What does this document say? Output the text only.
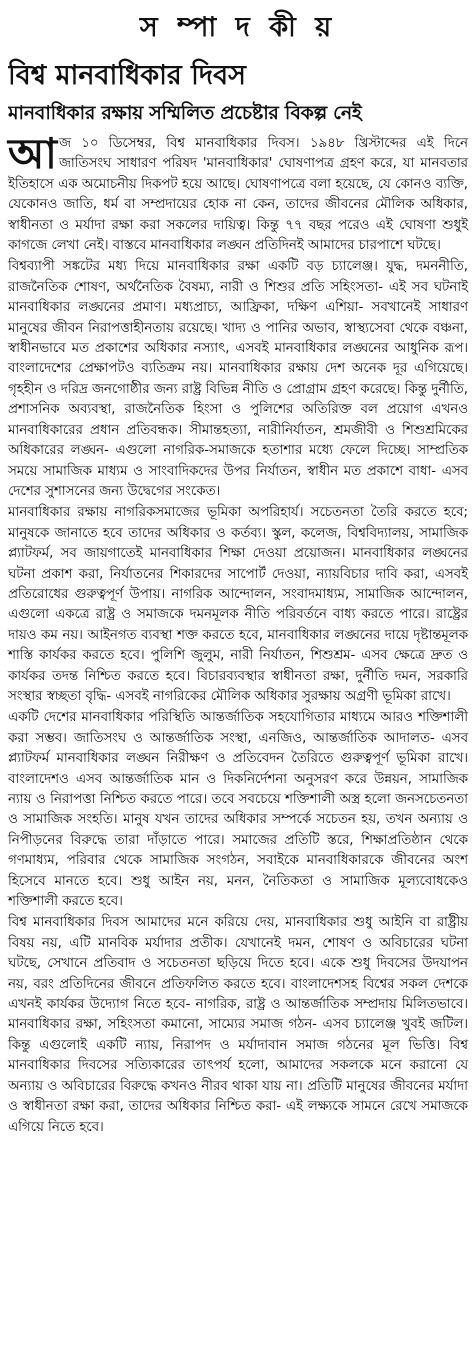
স ম্পা দ কী য়
বিশ্ব মানবাধিকার দিবস
মানবাধিকার রক্ষায় সম্মিলিত প্রচেষ্টার বিকল্প নেই

আজ ১০ ডিসেম্বর, বিশ্ব মানবাধিকার দিবস। ১৯৪৮ খ্রিস্টাব্দের এই দিনে জাতিসংঘ সাধারণ পরিষদ 'মানবাধিকার' ঘোষণাপত্র গ্রহণ করে, যা মানবতার ইতিহাসে এক অমোচনীয় দিকপট হয়ে আছে। ঘোষণাপত্রে বলা হয়েছে, যে কোনও ব্যক্তি, যেকোনও জাতি, ধর্ম বা সম্প্রদায়ের হোক না কেন, তাদের জীবনের মৌলিক অধিকার, স্বাধীনতা ও মর্যাদা রক্ষা করা সকলের দায়িত্ব। কিন্তু ৭৭ বছর পরেও এই ঘোষণা শুধুই কাগজে লেখা নেই। বাস্তবে মানবাধিকার লঙ্ঘন প্রতিদিনই আমাদের চারপাশে ঘটছে।

বিশ্বব্যাপী সঙ্কটের মধ্য দিয়ে মানবাধিকার রক্ষা একটি বড় চ্যালেঞ্জ। যুদ্ধ, দমননীতি, রাজনৈতিক শোষণ, অর্থনৈতিক বৈষম্য, নারী ও শিশুর প্রতি সহিংসতা- এই সব ঘটনাই মানবাধিকার লঙ্ঘনের প্রমাণ। মধ্যপ্রাচ্য, আফ্রিকা, দক্ষিণ এশিয়া- সবখানেই সাধারণ মানুষের জীবন নিরাপত্তাহীনতায় রয়েছে। খাদ্য ও পানির অভাব, স্বাস্থ্যসেবা থেকে বঞ্চনা, স্বাধীনভাবে মত প্রকাশের অধিকার নস্যাৎ, এসবই মানবাধিকার লঙ্ঘনের আধুনিক রূপ। বাংলাদেশের প্রেক্ষাপটও ব্যতিক্রম নয়। মানবাধিকার রক্ষায় দেশ অনেক দূর এগিয়েছে। গৃহহীন ও দরিদ্র জনগোষ্ঠীর জন্য রাষ্ট্র বিভিন্ন নীতি ও প্রোগ্রাম গ্রহণ করেছে। কিন্তু দুর্নীতি, প্রশাসনিক অব্যবস্থা, রাজনৈতিক হিংসা ও পুলিশের অতিরিক্ত বল প্রয়োগ এখনও মানবাধিকারের প্রধান প্রতিবন্ধক। সীমান্তহত্যা, নারীনির্যাতন, শ্রমজীবী ও শিশুশ্রমিকের অধিকারের লঙ্ঘন- এগুলো নাগরিক-সমাজকে হতাশার মধ্যে ফেলে দিচ্ছে। সাম্প্রতিক সময়ে সামাজিক মাধ্যম ও সাংবাদিকদের উপর নির্যাতন, স্বাধীন মত প্রকাশে বাধা- এসব দেশের সুশাসনের জন্য উদ্বেগের সংকেত।

মানবাধিকার রক্ষায় নাগরিকসমাজের ভূমিকা অপরিহার্য। সচেতনতা তৈরি করতে হবে; মানুষকে জানাতে হবে তাদের অধিকার ও কর্তব্য। স্কুল, কলেজ, বিশ্ববিদ্যালয়, সামাজিক প্ল্যাটফর্ম, সব জায়গাতেই মানবাধিকার শিক্ষা দেওয়া প্রয়োজন। মানবাধিকার লঙ্ঘনের ঘটনা প্রকাশ করা, নির্যাতনের শিকারদের সাপোর্ট দেওয়া, ন্যায়বিচার দাবি করা, এসবই প্রতিরোধের গুরুত্বপূর্ণ উপায়। নাগরিক আন্দোলন, সংবাদমাধ্যম, সামাজিক আন্দোলন, এগুলো একত্রে রাষ্ট্র ও সমাজকে দমনমূলক নীতি পরিবর্তনে বাধ্য করতে পারে। রাষ্ট্রের দায়ও কম নয়। আইনগত ব্যবস্থা শক্ত করতে হবে, মানবাধিকার লঙ্ঘনের দায়ে দৃষ্টান্তমূলক শাস্তি কার্যকর করতে হবে। পুলিশি জুলুম, নারী নির্যাতন, শিশুশ্রম- এসব ক্ষেত্রে দ্রুত ও কার্যকর তদন্ত নিশ্চিত করতে হবে। বিচারব্যবস্থার স্বাধীনতা রক্ষা, দুর্নীতি দমন, সরকারি সংস্থার স্বচ্ছতা বৃদ্ধি- এসবই নাগরিকের মৌলিক অধিকার সুরক্ষায় অগ্রণী ভূমিকা রাখে।

একটি দেশের মানবাধিকার পরিস্থিতি আন্তর্জাতিক সহযোগিতার মাধ্যমে আরও শক্তিশালী করা সম্ভব। জাতিসংঘ ও আন্তর্জাতিক সংস্থা, এনজিও, আন্তর্জাতিক আদালত- এসব প্ল্যাটফর্ম মানবাধিকার লঙ্ঘন নিরীক্ষণ ও প্রতিবেদন তৈরিতে গুরুত্বপূর্ণ ভূমিকা রাখে। বাংলাদেশও এসব আন্তর্জাতিক মান ও দিকনির্দেশনা অনুসরণ করে উন্নয়ন, সামাজিক ন্যায় ও নিরাপত্তা নিশ্চিত করতে পারে। তবে সবচেয়ে শক্তিশালী অস্ত্র হলো জনসচেতনতা ও সামাজিক সংহতি। মানুষ যখন তাদের অধিকার সম্পর্কে সচেতন হয়, তখন অন্যায় ও নিপীড়নের বিরুদ্ধে তারা দাঁড়াতে পারে। সমাজের প্রতিটি স্তরে, শিক্ষাপ্রতিষ্ঠান থেকে গণমাধ্যম, পরিবার থেকে সামাজিক সংগঠন, সবাইকে মানবাধিকারকে জীবনের অংশ হিসেবে মানতে হবে। শুধু আইন নয়, মনন, নৈতিকতা ও সামাজিক মূল্যবোধকেও শক্তিশালী করতে হবে।

বিশ্ব মানবাধিকার দিবস আমাদের মনে করিয়ে দেয়, মানবাধিকার শুধু আইনি বা রাষ্ট্রীয় বিষয় নয়, এটি মানবিক মর্যাদার প্রতীক। যেখানেই দমন, শোষণ ও অবিচারের ঘটনা ঘটছে, সেখানে প্রতিবাদ ও সচেতনতা ছড়িয়ে দিতে হবে। একে শুধু দিবসের উদযাপন নয়, বরং প্রতিদিনের জীবনে প্রতিফলিত করতে হবে। বাংলাদেশসহ বিশ্বের সকল দেশকে এখনই কার্যকর উদ্যোগ নিতে হবে- নাগরিক, রাষ্ট্র ও আন্তর্জাতিক সম্প্রদায় মিলিতভাবে। মানবাধিকার রক্ষা, সহিংসতা কমানো, সাম্যের সমাজ গঠন- এসব চ্যালেঞ্জ খুবই জটিল। কিন্তু এগুলোই একটি ন্যায়, নিরাপদ ও মর্যাদাবান সমাজ গঠনের মূল ভিত্তি। বিশ্ব মানবাধিকার দিবসের সত্যিকারের তাৎপর্য হলো, আমাদের সকলকে মনে করানো যে অন্যায় ও অবিচারের বিরুদ্ধে কখনও নীরব থাকা যায় না। প্রতিটি মানুষের জীবনের মর্যাদা ও স্বাধীনতা রক্ষা করা, তাদের অধিকার নিশ্চিত করা- এই লক্ষ্যকে সামনে রেখে সমাজকে এগিয়ে নিতে হবে।
